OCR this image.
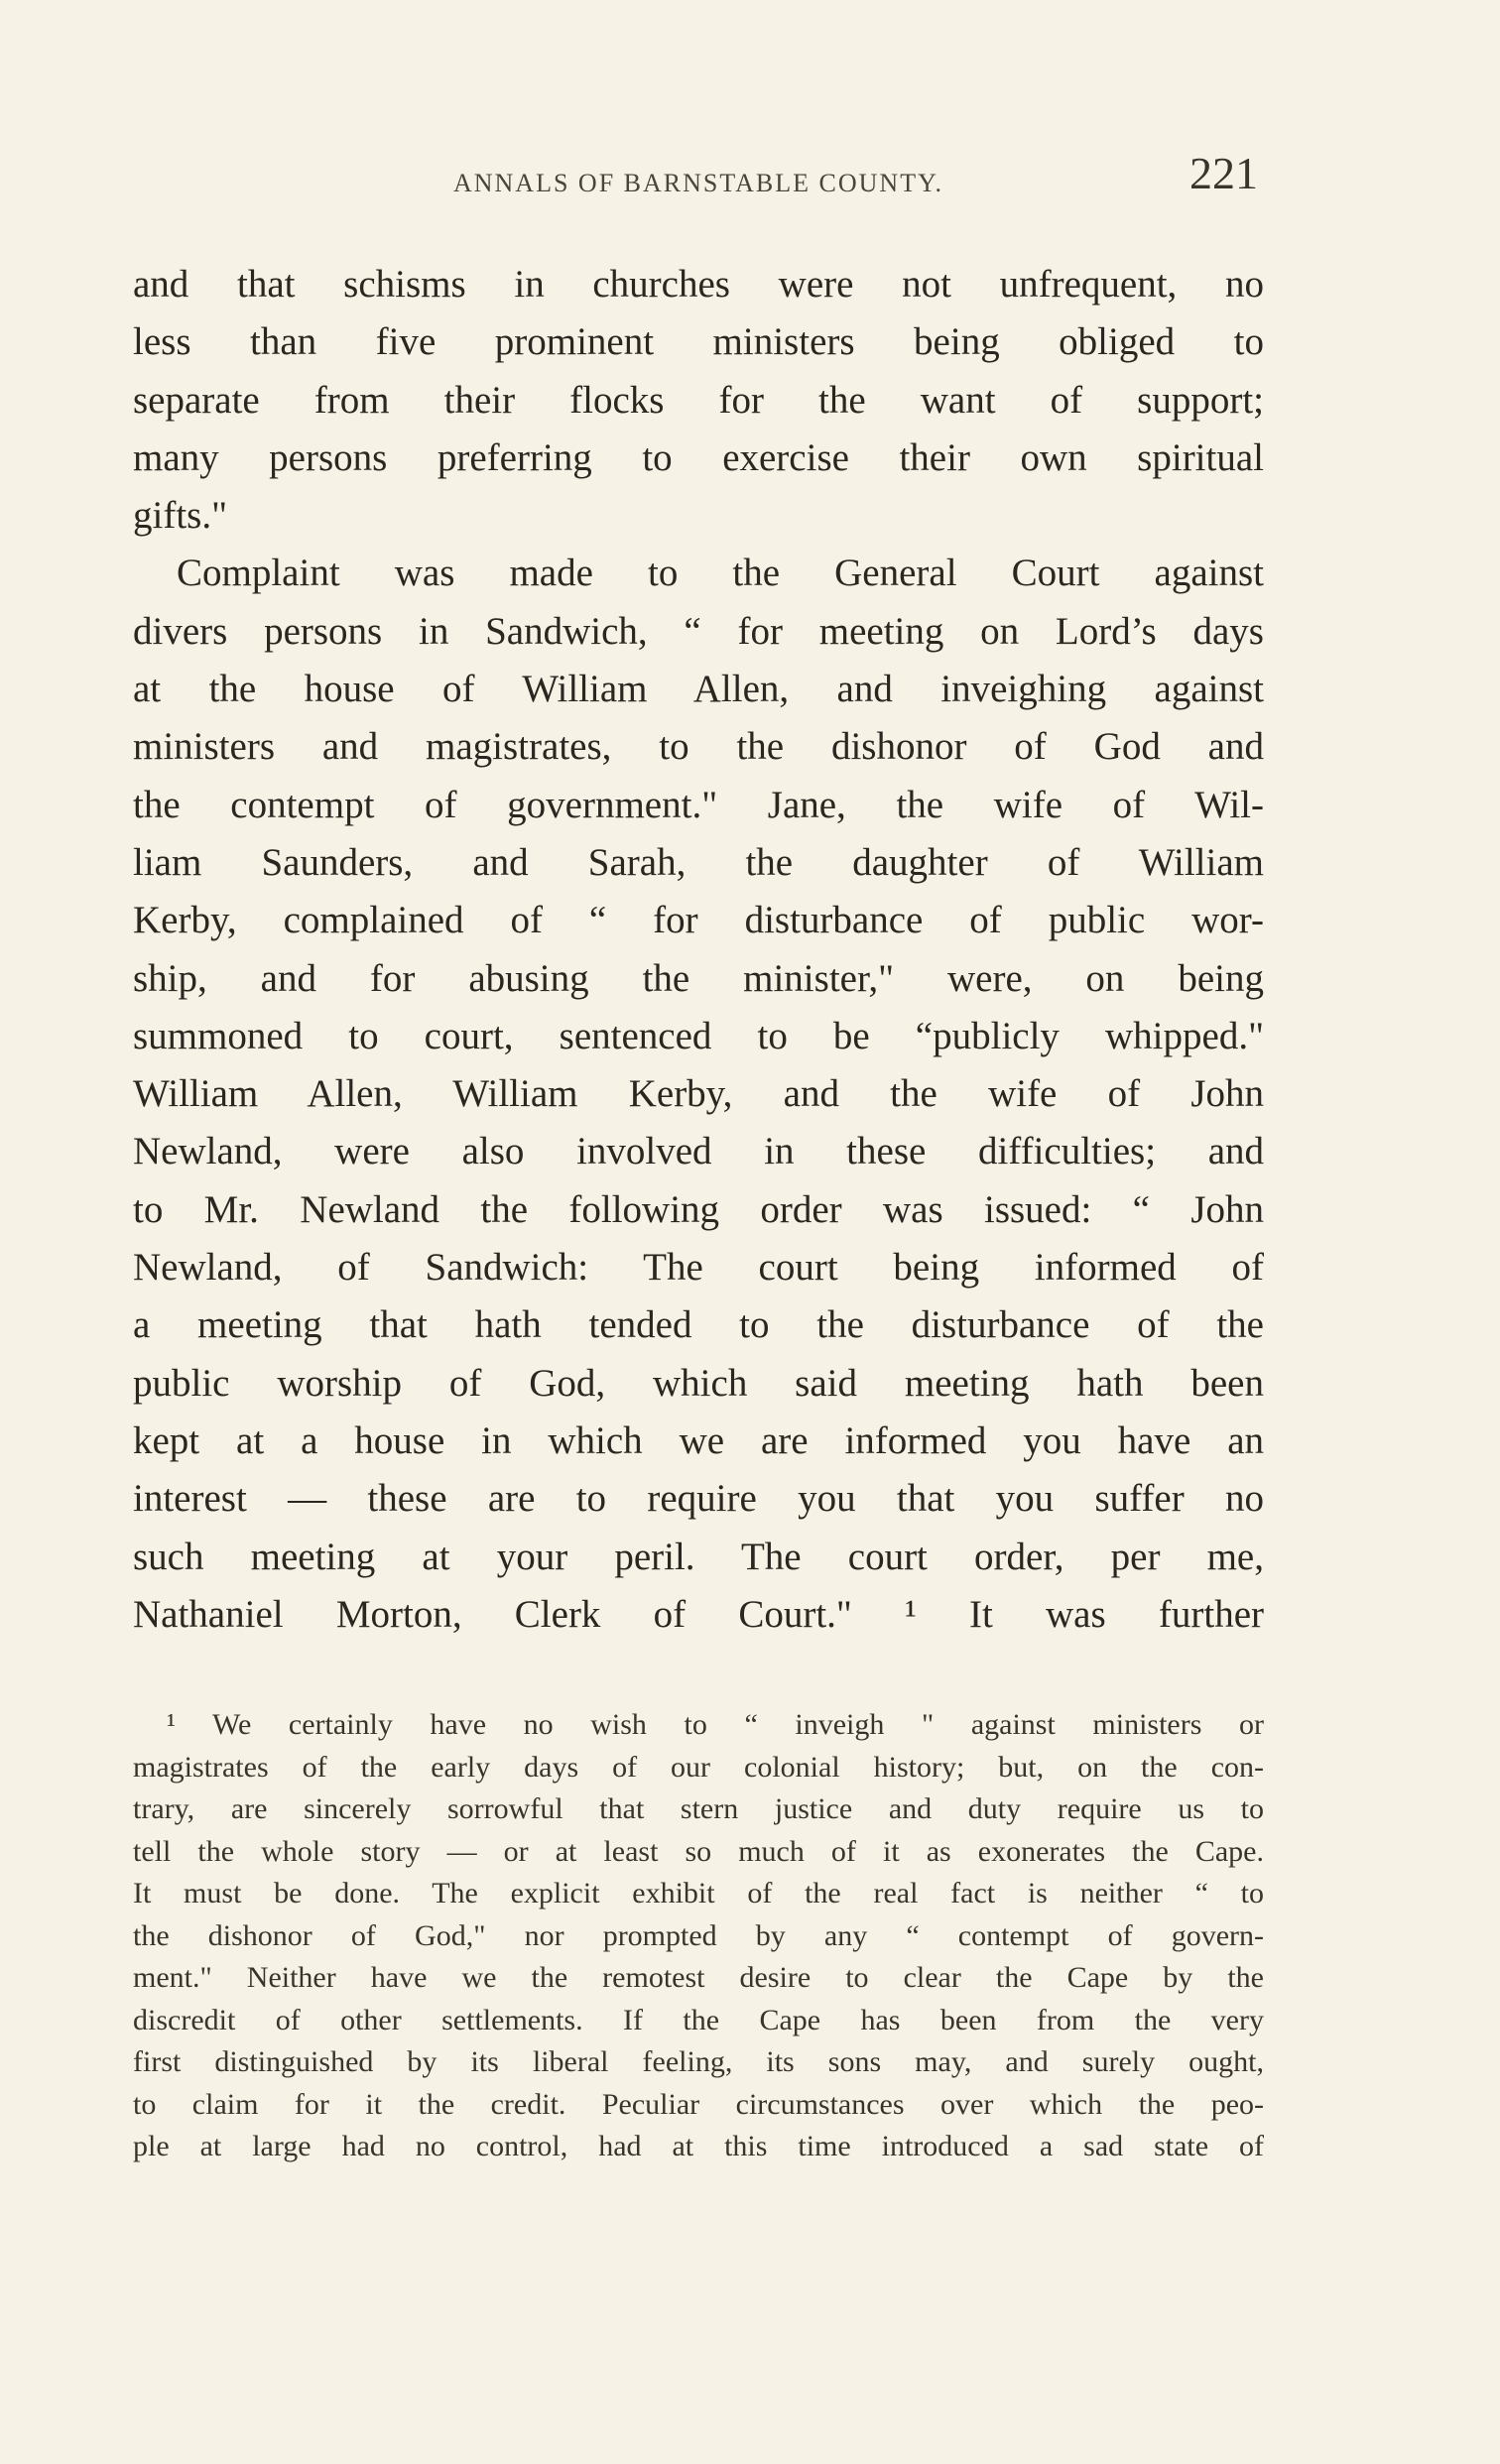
ANNALS OF BARNSTABLE COUNTY.	221
and that schisms in churches were not unfrequent, no
less than five prominent ministers being obliged to
separate from their flocks for the want of support;
many persons preferring to exercise their own spiritual
gifts."
Complaint was made to the General Court against
divers persons in Sandwich, “ for meeting on Lord’s days
at the house of William Allen, and inveighing against
ministers and magistrates, to the dishonor of God and
the contempt of government." Jane, the wife of Wil-
liam Saunders, and Sarah, the daughter of William
Kerby, complained of “ for disturbance of public wor-
ship, and for abusing the minister," were, on being
summoned to court, sentenced to be “publicly whipped."
William Allen, William Kerby, and the wife of John
Newland, were also involved in these difficulties; and
to Mr. Newland the following order was issued: “ John
Newland, of Sandwich: The court being informed of
a meeting that hath tended to the disturbance of the
public worship of God, which said meeting hath been
kept at a house in which we are informed you have an
interest — these are to require you that you suffer no
such meeting at your peril. The court order, per me,
Nathaniel Morton, Clerk of Court." ¹ It was further
¹ We certainly have no wish to “ inveigh " against ministers or
magistrates of the early days of our colonial history; but, on the con-
trary, are sincerely sorrowful that stern justice and duty require us to
tell the whole story — or at least so much of it as exonerates the Cape.
It must be done. The explicit exhibit of the real fact is neither “ to
the dishonor of God," nor prompted by any “ contempt of govern-
ment." Neither have we the remotest desire to clear the Cape by the
discredit of other settlements. If the Cape has been from the very
first distinguished by its liberal feeling, its sons may, and surely ought,
to claim for it the credit. Peculiar circumstances over which the peo-
ple at large had no control, had at this time introduced a sad state of
